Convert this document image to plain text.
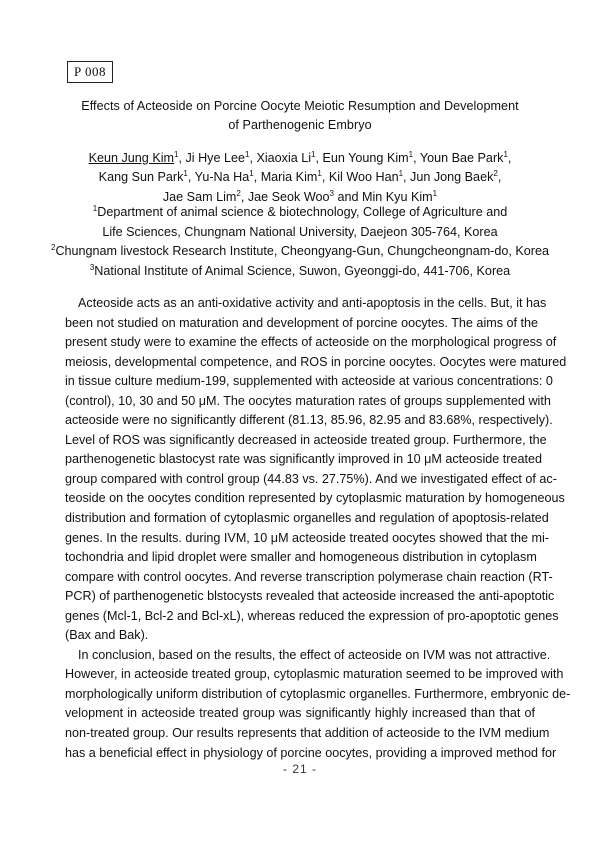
P 008
Effects of Acteoside on Porcine Oocyte Meiotic Resumption and Development
of Parthenogenic Embryo
Keun Jung Kim$^1$, Ji Hye Lee$^1$, Xiaoxia Li$^1$, Eun Young Kim$^1$, Youn Bae Park$^1$,
Kang Sun Park$^1$, Yu-Na Ha$^1$, Maria Kim$^1$, Kil Woo Han$^1$, Jun Jong Baek$^2$,
Jae Sam Lim$^2$, Jae Seok Woo$^3$ and Min Kyu Kim$^1$
$^1$Department of animal science & biotechnology, College of Agriculture and
Life Sciences, Chungnam National University, Daejeon 305-764, Korea
$^2$Chungnam livestock Research Institute, Cheongyang-Gun, Chungcheongnam-do, Korea
$^3$National Institute of Animal Science, Suwon, Gyeonggi-do, 441-706, Korea
Acteoside acts as an anti-oxidative activity and anti-apoptosis in the cells. But, it has
been not studied on maturation and development of porcine oocytes. The aims of the
present study were to examine the effects of acteoside on the morphological progress of
meiosis, developmental competence, and ROS in porcine oocytes. Oocytes were matured
in tissue culture medium-199, supplemented with acteoside at various concentrations: 0
(control), 10, 30 and 50 μM. The oocytes maturation rates of groups supplemented with
acteoside were no significantly different (81.13, 85.96, 82.95 and 83.68%, respectively).
Level of ROS was significantly decreased in acteoside treated group. Furthermore, the
parthenogenetic blastocyst rate was significantly improved in 10 μM acteoside treated
group compared with control group (44.83 vs. 27.75%). And we investigated effect of ac-
teoside on the oocytes condition represented by cytoplasmic maturation by homogeneous
distribution and formation of cytoplasmic organelles and regulation of apoptosis-related
genes. In the results. during IVM, 10 μM acteoside treated oocytes showed that the mi-
tochondria and lipid droplet were smaller and homogeneous distribution in cytoplasm
compare with control oocytes. And reverse transcription polymerase chain reaction (RT-
PCR) of parthenogenetic blstocysts revealed that acteoside increased the anti-apoptotic
genes (Mcl-1, Bcl-2 and Bcl-xL), whereas reduced the expression of pro-apoptotic genes
(Bax and Bak).
In conclusion, based on the results, the effect of acteoside on IVM was not attractive.
However, in acteoside treated group, cytoplasmic maturation seemed to be improved with
morphologically uniform distribution of cytoplasmic organelles. Furthermore, embryonic de-
velopment in acteoside treated group was significantly highly increased than that of
non-treated group. Our results represents that addition of acteoside to the IVM medium
has a beneficial effect in physiology of porcine oocytes, providing a improved method for
- 21 -
